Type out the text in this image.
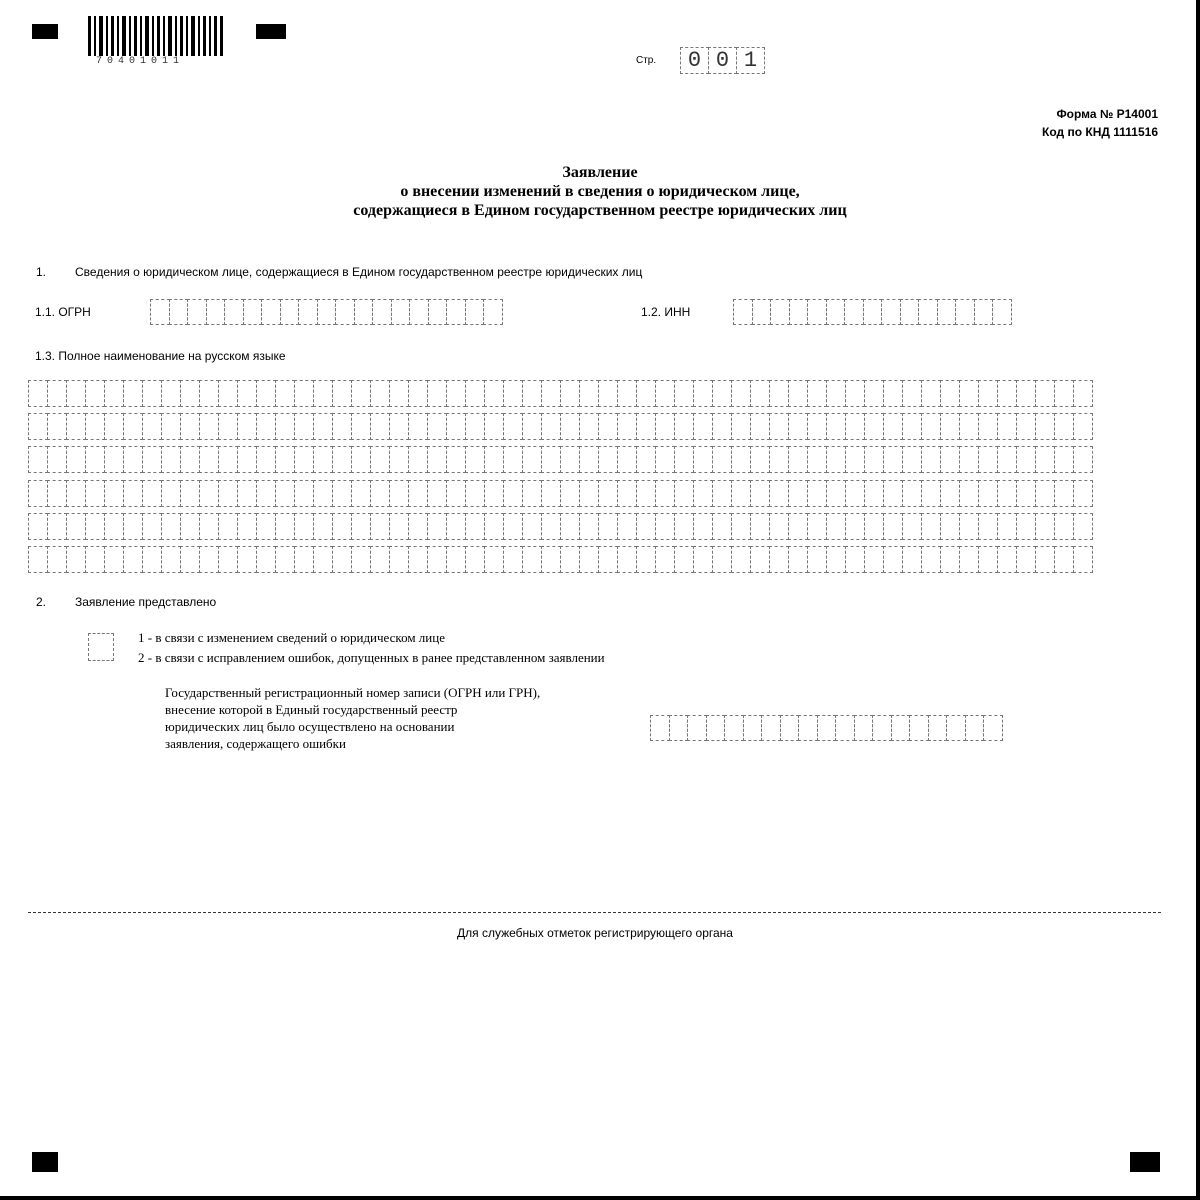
70401011	Стр.	0 0 1
Форма № Р14001
Код по КНД 1111516
Заявление
о внесении изменений в сведения о юридическом лице,
содержащиеся в Едином государственном реестре юридических лиц
1. Сведения о юридическом лице, содержащиеся в Едином государственном реестре юридических лиц
1.1. ОГРН	1.2. ИНН
1.3. Полное наименование на русском языке
2. Заявление представлено
1 - в связи с изменением сведений о юридическом лице
2 - в связи с исправлением ошибок, допущенных в ранее представленном заявлении
Государственный регистрационный номер записи (ОГРН или ГРН),
внесение которой в Единый государственный реестр
юридических лиц было осуществлено на основании
заявления, содержащего ошибки
Для служебных отметок регистрирующего органа
